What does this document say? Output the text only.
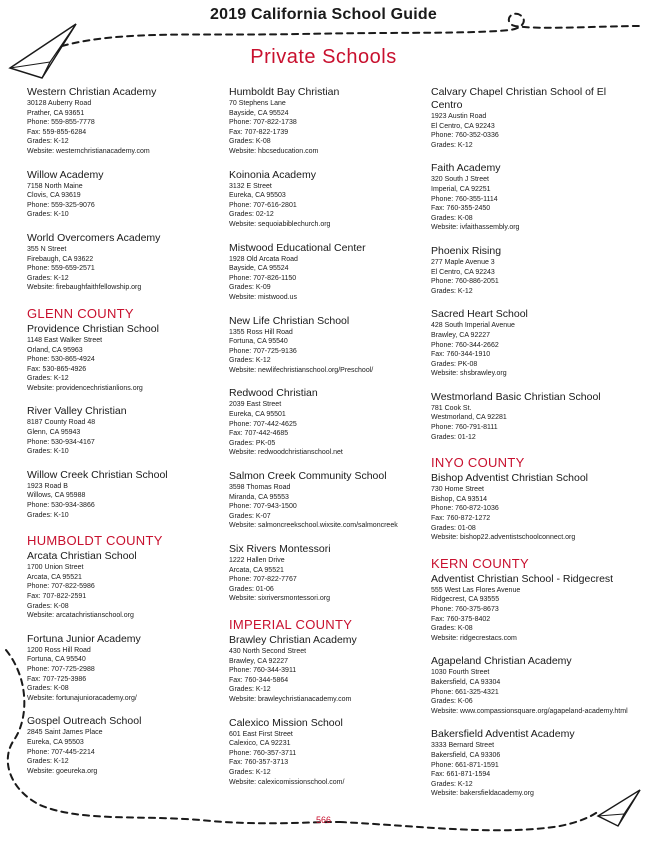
2019 California School Guide
Private Schools
Western Christian Academy
30128 Auberry Road
Prather, CA 93651
Phone: 559-855-7778
Fax: 559-855-6284
Grades: K-12
Website: westernchristianacademy.com
Willow Academy
7158 North Maine
Clovis, CA 93619
Phone: 559-325-9076
Grades: K-10
World Overcomers Academy
355 N Street
Firebaugh, CA 93622
Phone: 559-659-2571
Grades: K-12
Website: firebaughfaithfellowship.org
GLENN COUNTY
Providence Christian School
1148 East Walker Street
Orland, CA 95963
Phone: 530-865-4924
Fax: 530-865-4926
Grades: K-12
Website: providencechristianlions.org
River Valley Christian
8187 County Road 48
Glenn, CA 95943
Phone: 530-934-4167
Grades: K-10
Willow Creek Christian School
1923 Road B
Willows, CA 95988
Phone: 530-934-3866
Grades: K-10
HUMBOLDT COUNTY
Arcata Christian School
1700 Union Street
Arcata, CA 95521
Phone: 707-822-5986
Fax: 707-822-2591
Grades: K-08
Website: arcatachristianschool.org
Fortuna Junior Academy
1200 Ross Hill Road
Fortuna, CA 95540
Phone: 707-725-2988
Fax: 707-725-3986
Grades: K-08
Website: fortunajunioracademy.org/
Gospel Outreach School
2845 Saint James Place
Eureka, CA 95503
Phone: 707-445-2214
Grades: K-12
Website: goeureka.org
Humboldt Bay Christian
70 Stephens Lane
Bayside, CA 95524
Phone: 707-822-1738
Fax: 707-822-1739
Grades: K-08
Website: hbcseducation.com
Koinonia Academy
3132 E Street
Eureka, CA 95503
Phone: 707-616-2801
Grades: 02-12
Website: sequoiabiblechurch.org
Mistwood Educational Center
1928 Old Arcata Road
Bayside, CA 95524
Phone: 707-826-1150
Grades: K-09
Website: mistwood.us
New Life Christian School
1355 Ross Hill Road
Fortuna, CA 95540
Phone: 707-725-9136
Grades: K-12
Website: newlifechristianschool.org/Preschool/
Redwood Christian
2039 East Street
Eureka, CA 95501
Phone: 707-442-4625
Fax: 707-442-4685
Grades: PK-05
Website: redwoodchristianschool.net
Salmon Creek Community School
3598 Thomas Road
Miranda, CA 95553
Phone: 707-943-1500
Grades: K-07
Website: salmoncreekschool.wixsite.com/salmoncreek
Six Rivers Montessori
1222 Hallen Drive
Arcata, CA 95521
Phone: 707-822-7767
Grades: 01-06
Website: sixriversmontessori.org
IMPERIAL COUNTY
Brawley Christian Academy
430 North Second Street
Brawley, CA 92227
Phone: 760-344-3911
Fax: 760-344-5864
Grades: K-12
Website: brawleychristianacademy.com
Calexico Mission School
601 East First Street
Calexico, CA 92231
Phone: 760-357-3711
Fax: 760-357-3713
Grades: K-12
Website: calexicomissionschool.com/
Calvary Chapel Christian School of El Centro
1923 Austin Road
El Centro, CA 92243
Phone: 760-352-0336
Grades: K-12
Faith Academy
320 South J Street
Imperial, CA 92251
Phone: 760-355-1114
Fax: 760-355-2450
Grades: K-08
Website: ivfaithassembly.org
Phoenix Rising
277 Maple Avenue 3
El Centro, CA 92243
Phone: 760-886-2051
Grades: K-12
Sacred Heart School
428 South Imperial Avenue
Brawley, CA 92227
Phone: 760-344-2662
Fax: 760-344-1910
Grades: PK-08
Website: shsbrawley.org
Westmorland Basic Christian School
781 Cook St.
Westmorland, CA 92281
Phone: 760-791-8111
Grades: 01-12
INYO COUNTY
Bishop Adventist Christian School
730 Home Street
Bishop, CA 93514
Phone: 760-872-1036
Fax: 760-872-1272
Grades: 01-08
Website: bishop22.adventistschoolconnect.org
KERN COUNTY
Adventist Christian School - Ridgecrest
555 West Las Flores Avenue
Ridgecrest, CA 93555
Phone: 760-375-8673
Fax: 760-375-8402
Grades: K-08
Website: ridgecrestacs.com
Agapeland Christian Academy
1030 Fourth Street
Bakersfield, CA 93304
Phone: 661-325-4321
Grades: K-06
Website: www.compassionsquare.org/agapeland-academy.html
Bakersfield Adventist Academy
3333 Bernard Street
Bakersfield, CA 93306
Phone: 661-871-1591
Fax: 661-871-1594
Grades: K-12
Website: bakersfieldacademy.org
566
